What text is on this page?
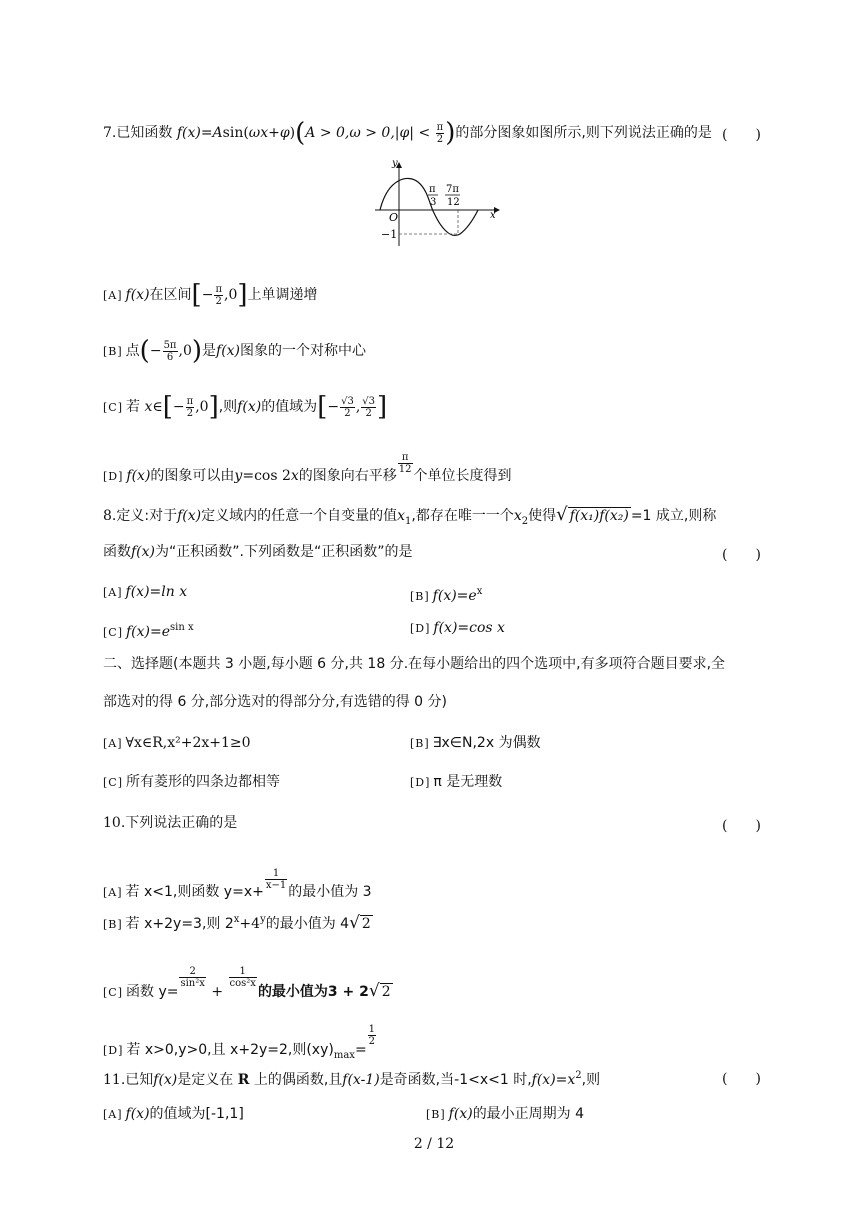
7.已知函数 $f(x)=Asin(\omega x+\varphi)(A > 0,\omega > 0,|\varphi| < \frac{\pi}{2}$ )的部分图象如图所示,则下列说法正确的是 (　　)
y
x
O
−1
π
3
7π
12
[A] f(x)在区间[− $\frac{\pi}{2} ,0$]上单调递增
[B] 点(− $\frac{5\pi}{6} ,0$)是f(x)图象的一个对称中心
[C] 若 x∈[− $\frac{\pi}{2} ,0$],则f(x)的值域为[− $\frac{√3}{2}$ , $\frac{√3}{2}$ ]
[D] f(x)的图象可以由y=cos 2x的图象向右平移
$\frac{\pi}{12}$
个单位长度得到
8.定义:对于f(x)定义域内的任意一个自变量的值$x_1$,都存在唯一一个$x_2$使得√ f(x₁)f(x₂) =1 成立,则称
函数f(x)为“正积函数”.下列函数是“正积函数”的是	(　　)
[A] f(x)=ln x	[B] $f(x)=e^x$
[C] $f(x)=e^{sin x}$	[D] f(x)=cos x
二、选择题(本题共 3 小题,每小题 6 分,共 18 分.在每小题给出的四个选项中,有多项符合题目要求,全
部选对的得 6 分,部分选对的得部分分,有选错的得 0 分)
[A] ∀x∈R,x²+2x+1≥0	[B] ∃x∈N,2x 为偶数
[C] 所有菱形的四条边都相等	[D] π 是无理数
10.下列说法正确的是	(　　)
[A] 若 x<1,则函数 y=x+
$\frac{1}{x-1}$
的最小值为 3
[B] 若 x+2y=3,则 $2^x+4^y$的最小值为 4√ 2
[C] 函数 y=
$\frac{2}{\text{sin²x}}$
+
$\frac{1}{\text{cos²x}}$
的最小值为3 + 2√ 2
[D] 若 x>0,y>0,且 x+2y=2,则$(xy)_{max}=$
$\frac{1}{2}$
11.已知f(x)是定义在 R 上的偶函数,且f(x-1)是奇函数,当-1<x<1 时$,f(x)=x^2$,则	(　　)
[A] f(x)的值域为[-1,1]	[B] f(x)的最小正周期为 4
2 / 12
